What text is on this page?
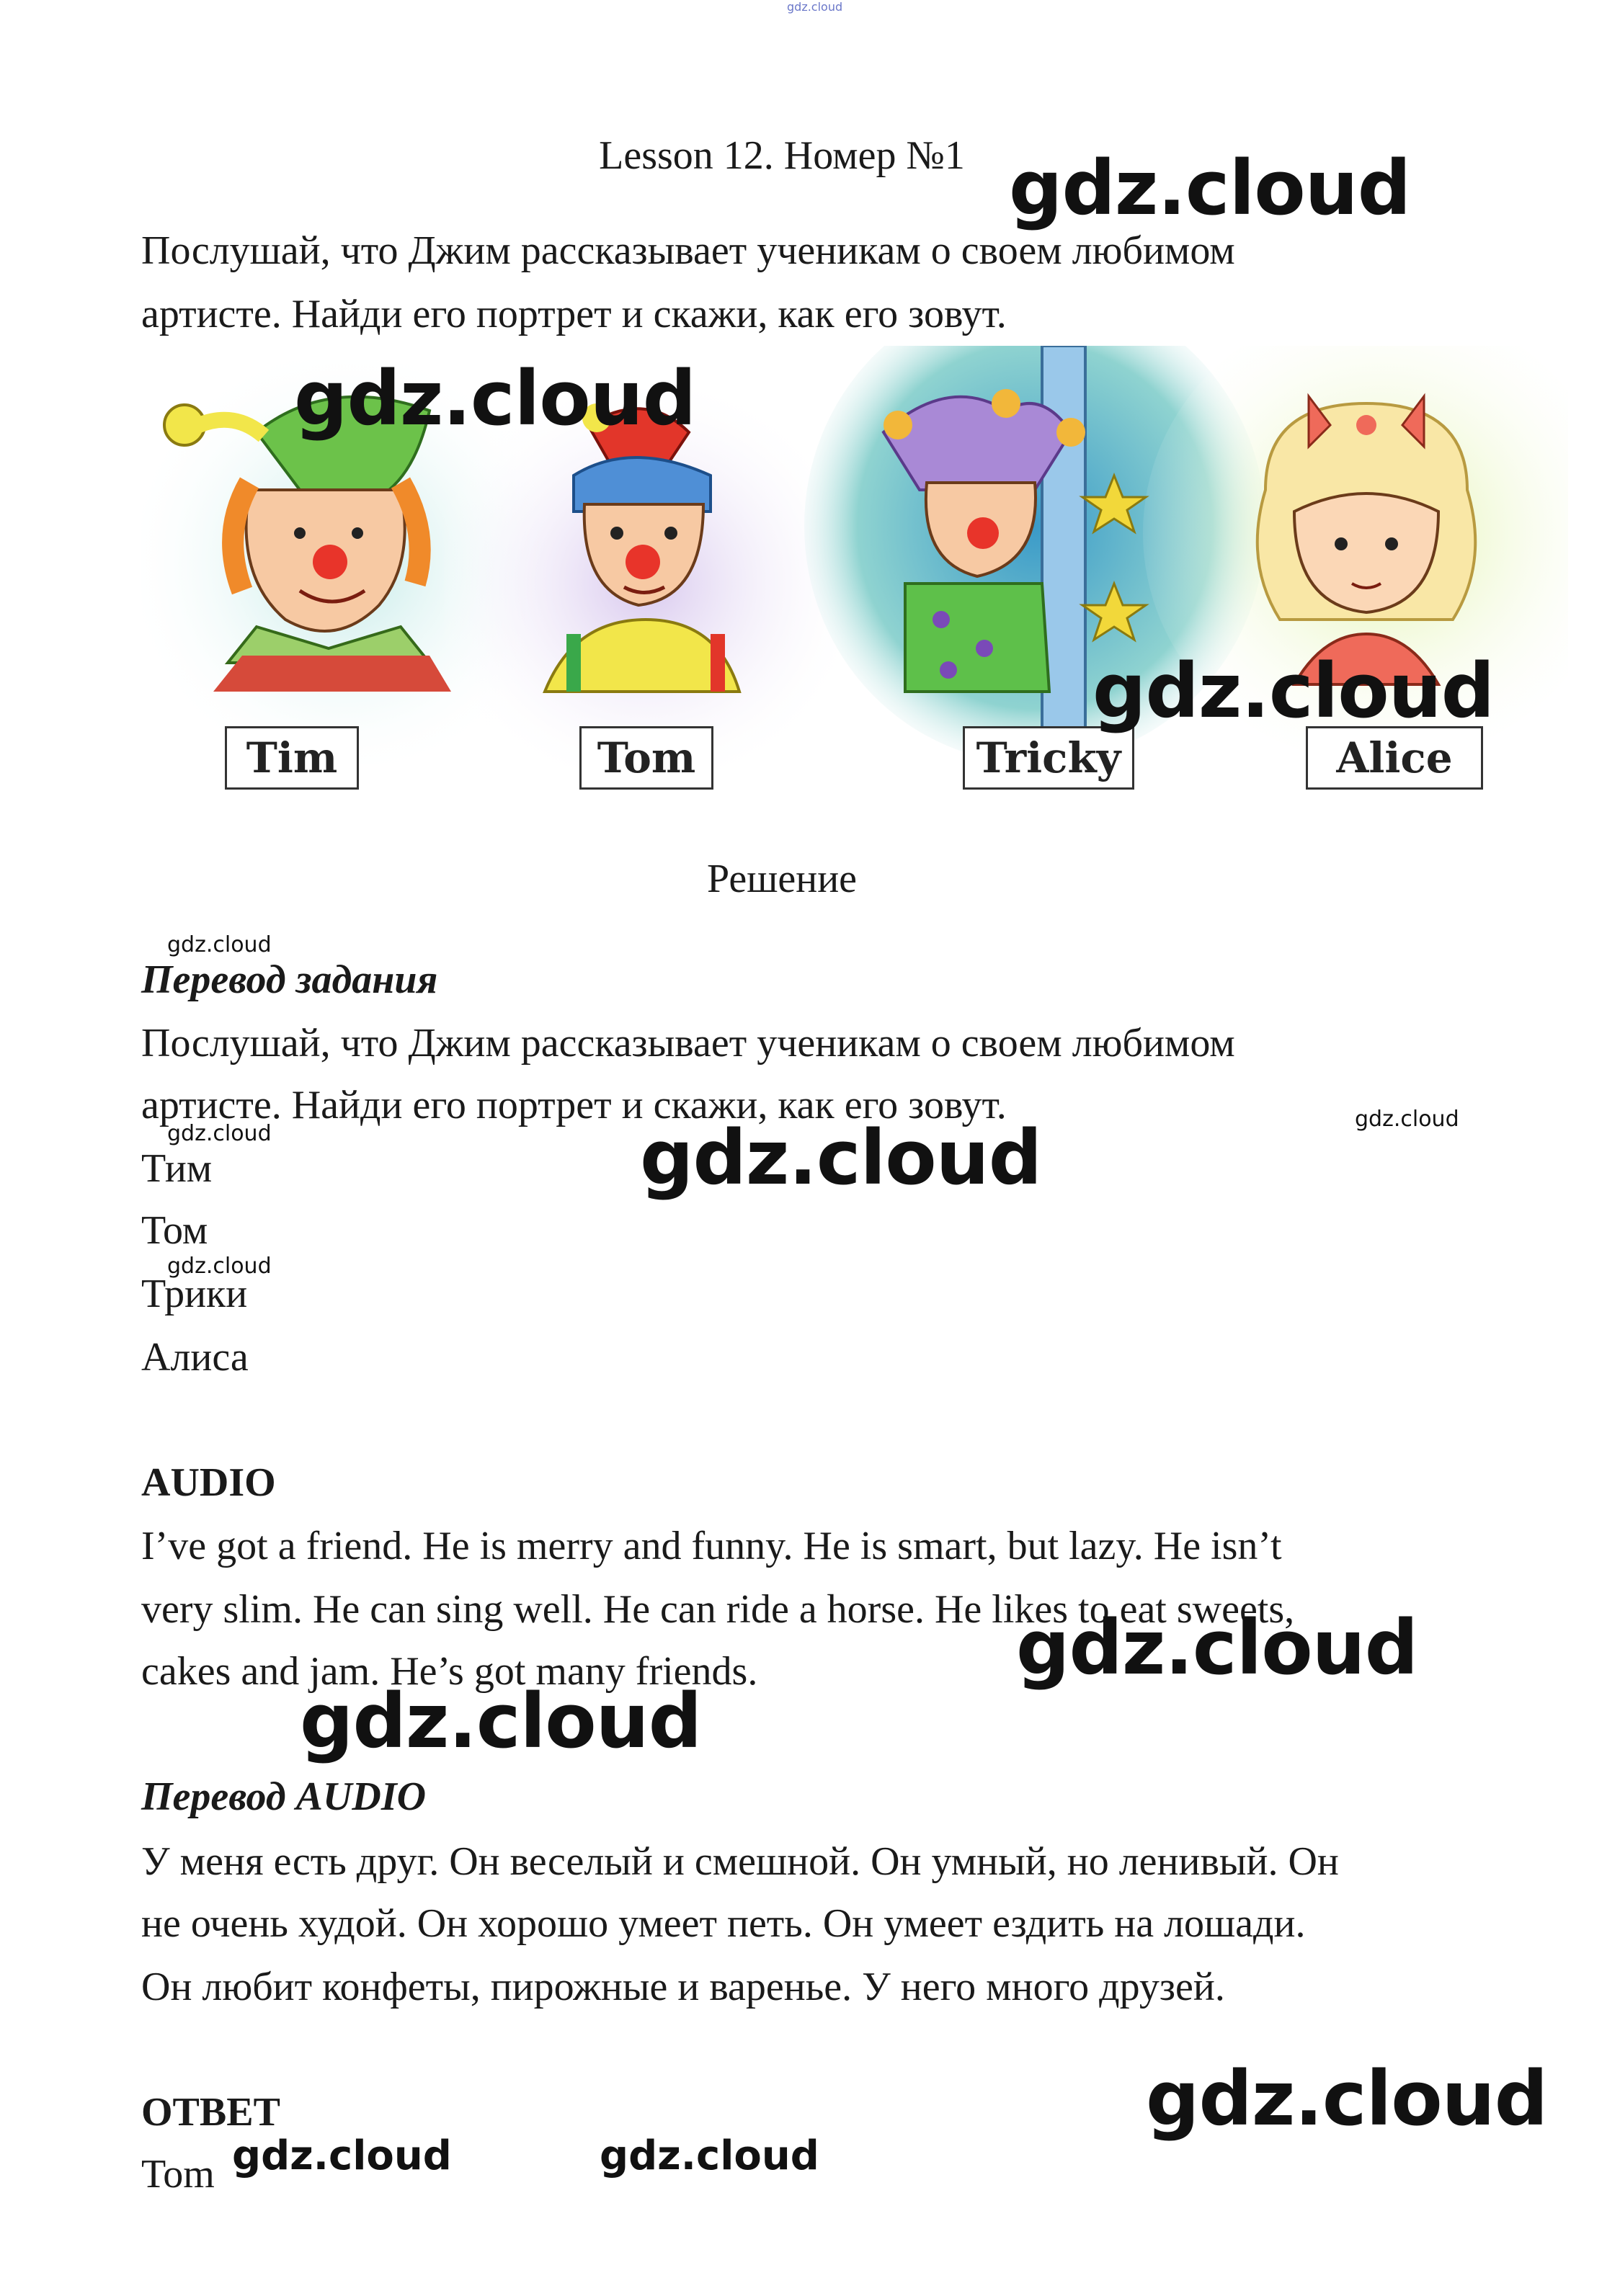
gdz.cloud
Lesson 12. Номер №1
Послушай, что Джим рассказывает ученикам о своем любимом
артисте. Найди его портрет и скажи, как его зовут.
Tim	Tom	Tricky	Alice
Решение
Перевод задания
Послушай, что Джим рассказывает ученикам о своем любимом
артисте. Найди его портрет и скажи, как его зовут.
Тим
Том
Трики
Алиса
AUDIO
I’ve got a friend. He is merry and funny. He is smart, but lazy. He isn’t
very slim. He can sing well. He can ride a horse. He likes to eat sweets,
cakes and jam. He’s got many friends.
Перевод AUDIO
У меня есть друг. Он веселый и смешной. Он умный, но ленивый. Он
не очень худой. Он хорошо умеет петь. Он умеет ездить на лошади.
Он любит конфеты, пирожные и варенье. У него много друзей.
ОТВЕТ
Tom
gdz.cloud
gdz.cloud
gdz.cloud
gdz.cloud
gdz.cloud
gdz.cloud
gdz.cloud
gdz.cloud	gdz.cloud
gdz.cloud
gdz.cloud
gdz.cloud
gdz.cloud
